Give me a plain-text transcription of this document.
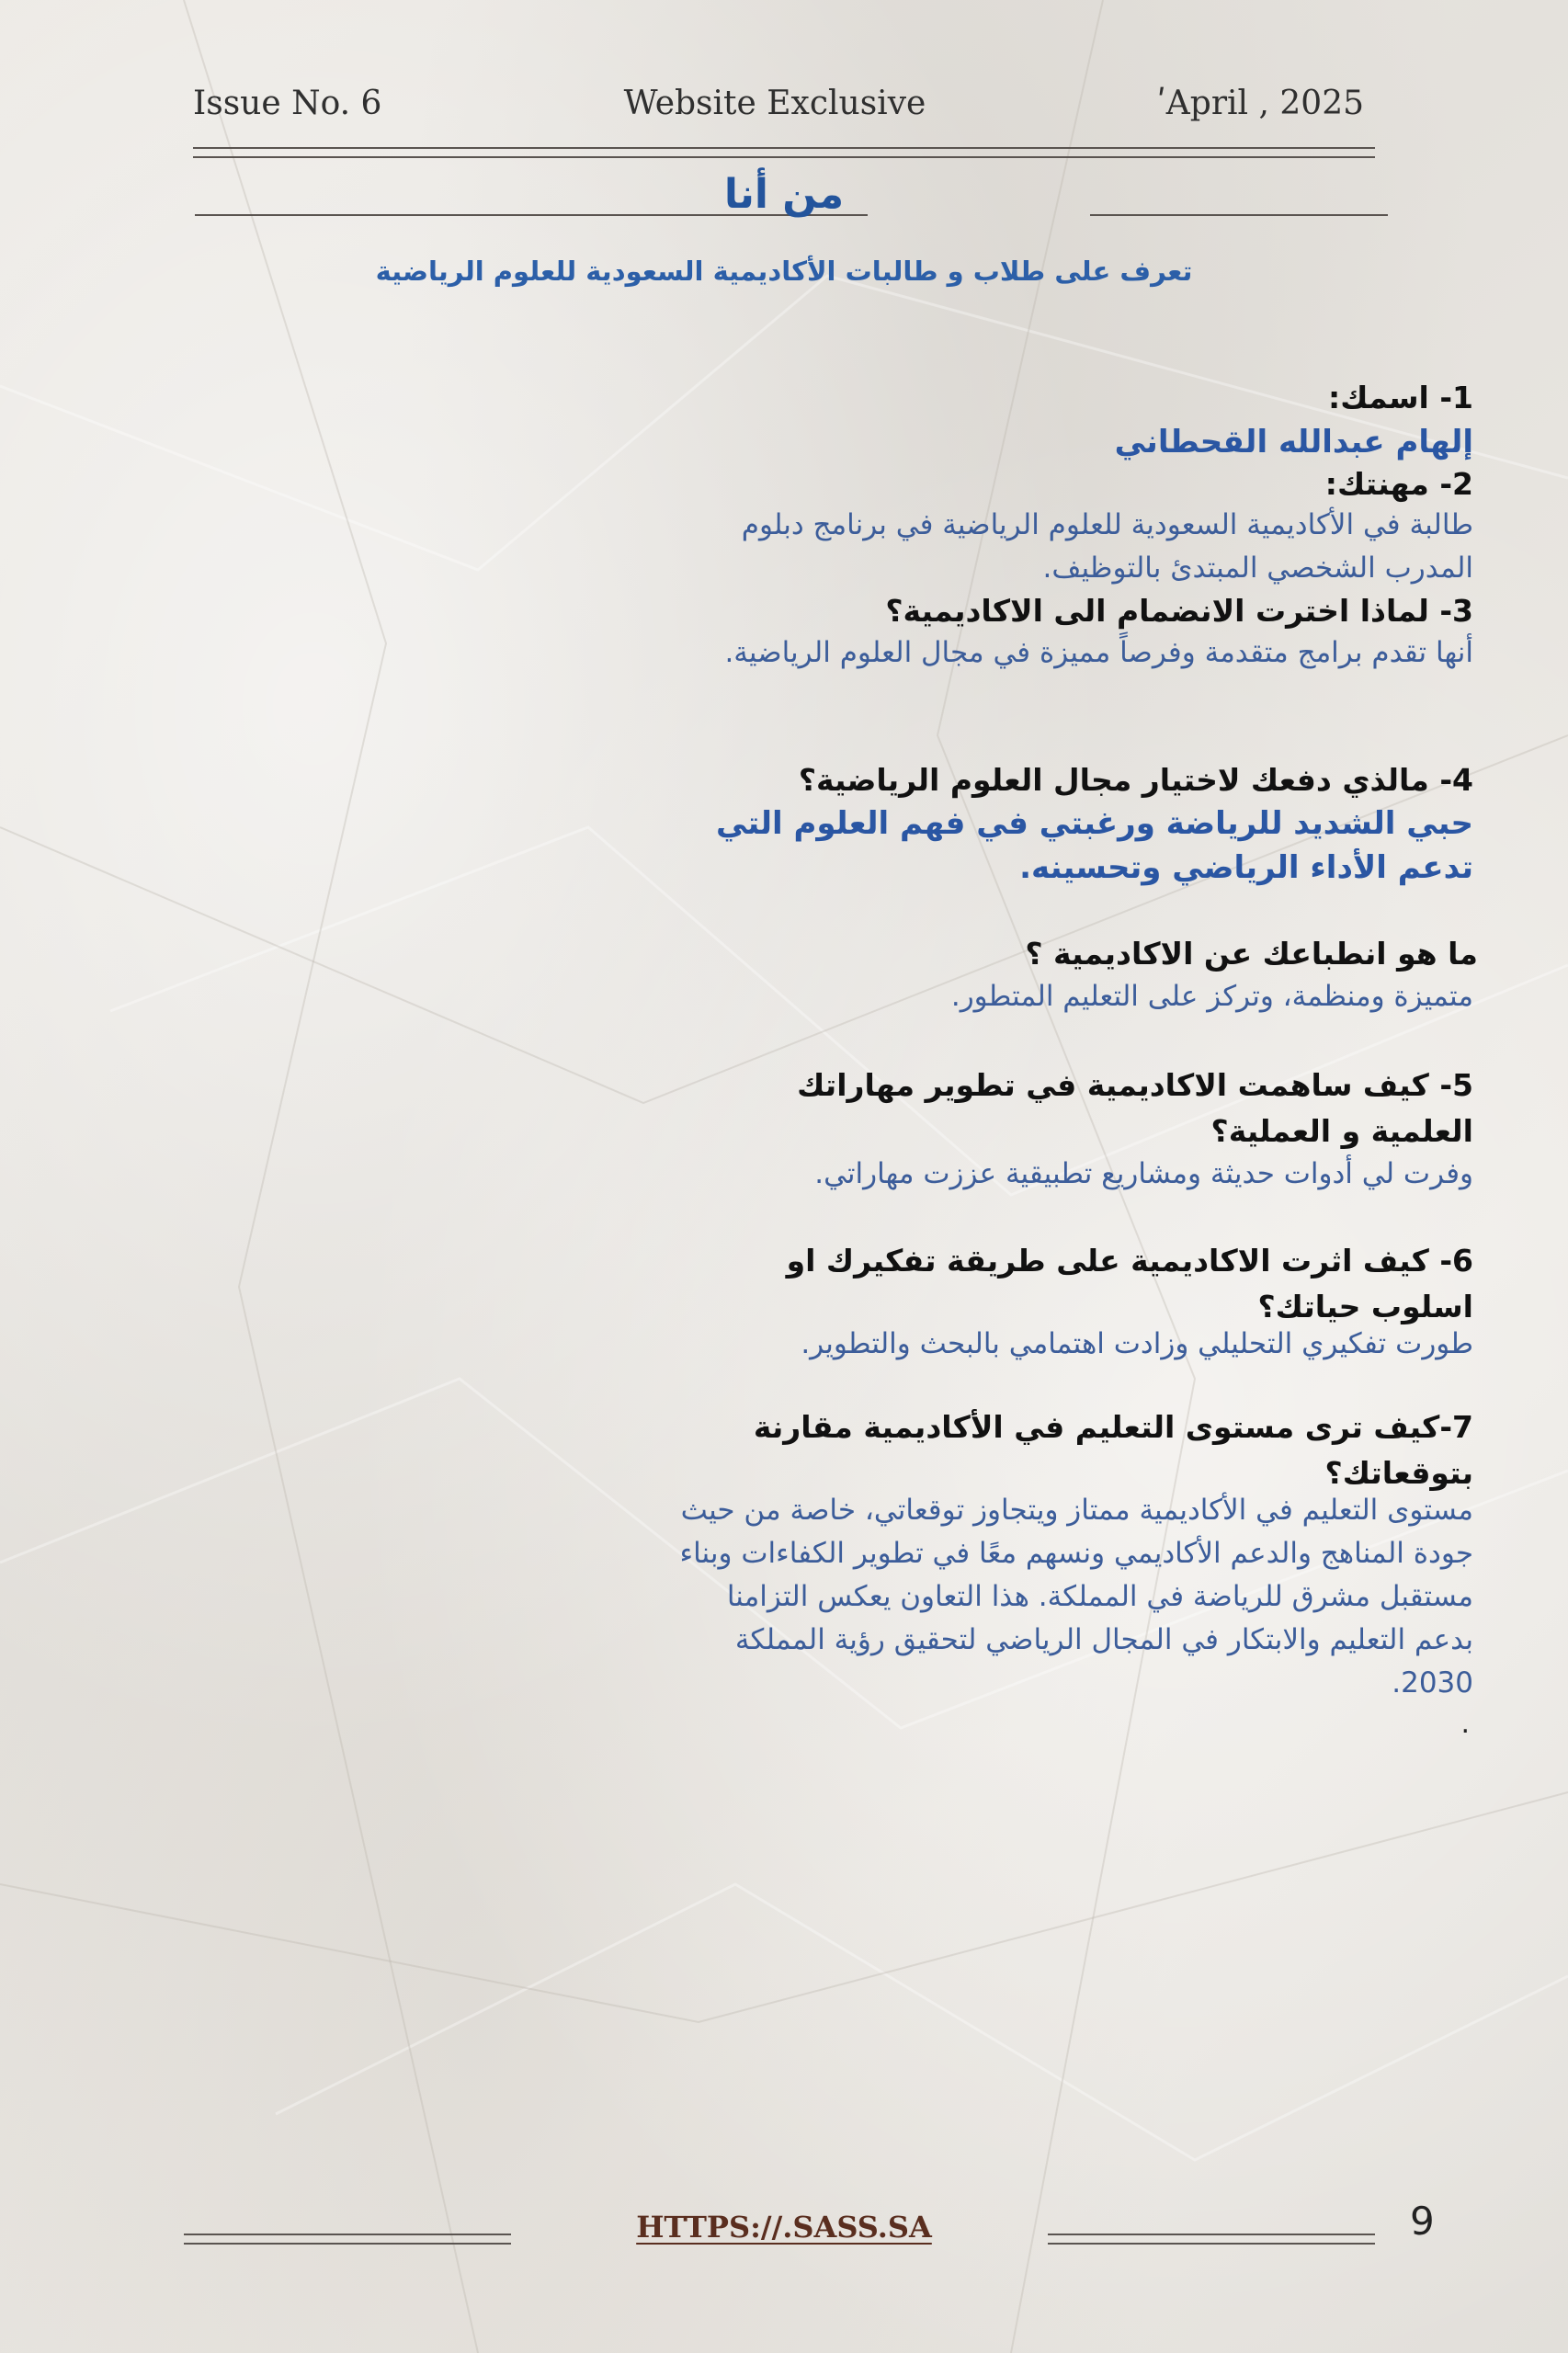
Issue No. 6	Website Exclusive	ʹApril , 2025
من أنا
تعرف على طلاب و طالبات الأكاديمية السعودية للعلوم الرياضية
1- اسمك:
إلهام عبدالله القحطاني
2- مهنتك:
طالبة في الأكاديمية السعودية للعلوم الرياضية في برنامج دبلوم المدرب الشخصي المبتدئ بالتوظيف.
3- لماذا اخترت الانضمام الى الاكاديمية؟
أنها تقدم برامج متقدمة وفرصاً مميزة في مجال العلوم الرياضية.
4- مالذي دفعك لاختيار مجال العلوم الرياضية؟
حبي الشديد للرياضة ورغبتي في فهم العلوم التي تدعم الأداء الرياضي وتحسينه.
ما هو انطباعك عن الاكاديمية ؟
متميزة ومنظمة، وتركز على التعليم المتطور.
5- كيف ساهمت الاكاديمية في تطوير مهاراتك العلمية و العملية؟
وفرت لي أدوات حديثة ومشاريع تطبيقية عززت مهاراتي.
6- كيف اثرت الاكاديمية على طريقة تفكيرك او اسلوب حياتك؟
طورت تفكيري التحليلي وزادت اهتمامي بالبحث والتطوير.
7-كيف ترى مستوى التعليم في الأكاديمية مقارنة بتوقعاتك؟
مستوى التعليم في الأكاديمية ممتاز ويتجاوز توقعاتي، خاصة من حيث جودة المناهج والدعم الأكاديمي ونسهم معًا في تطوير الكفاءات وبناء مستقبل مشرق للرياضة في المملكة. هذا التعاون يعكس التزامنا بدعم التعليم والابتكار في المجال الرياضي لتحقيق رؤية المملكة 2030.
.
HTTPS://.SASS.SA	9
